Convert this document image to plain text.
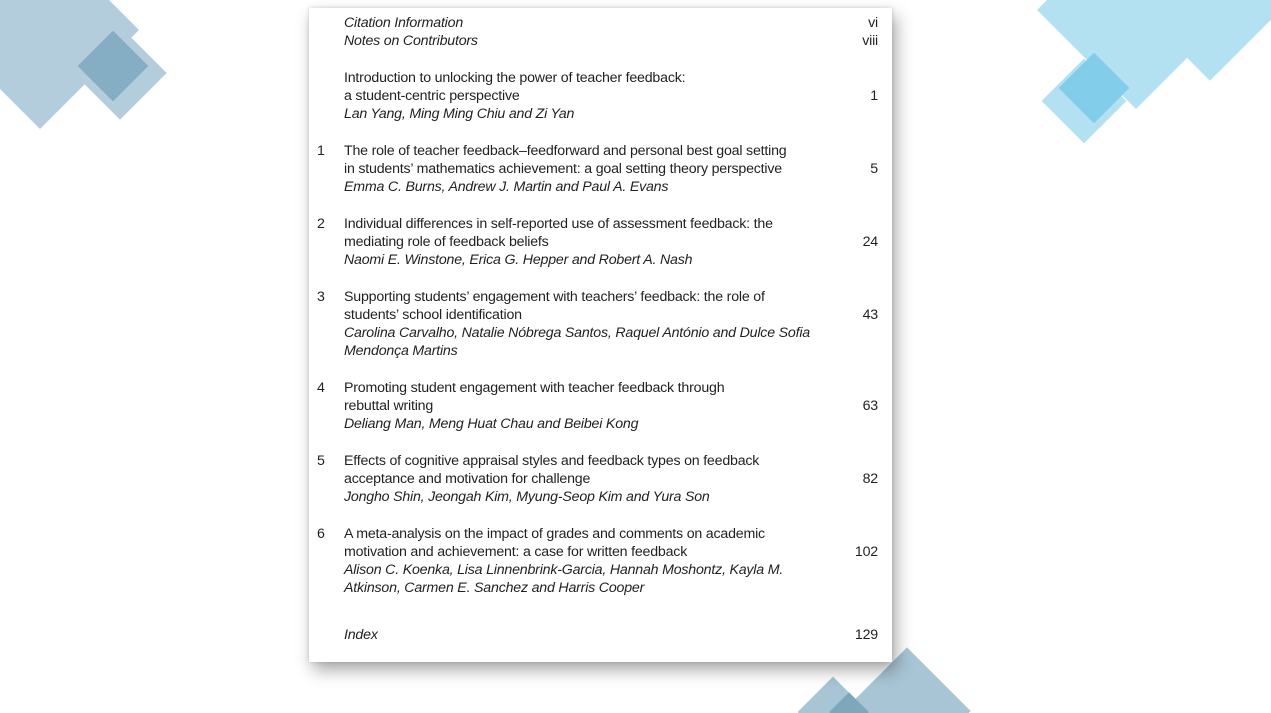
Citation Information	vi
Notes on Contributors	viii
Introduction to unlocking the power of teacher feedback:
a student-centric perspective	1
Lan Yang, Ming Ming Chiu and Zi Yan
1 The role of teacher feedback–feedforward and personal best goal setting
in students’ mathematics achievement: a goal setting theory perspective	5
Emma C. Burns, Andrew J. Martin and Paul A. Evans
2 Individual differences in self-reported use of assessment feedback: the
mediating role of feedback beliefs	24
Naomi E. Winstone, Erica G. Hepper and Robert A. Nash
3 Supporting students’ engagement with teachers’ feedback: the role of
students’ school identification	43
Carolina Carvalho, Natalie Nóbrega Santos, Raquel António and Dulce Sofia
Mendonça Martins
4 Promoting student engagement with teacher feedback through
rebuttal writing	63
Deliang Man, Meng Huat Chau and Beibei Kong
5 Effects of cognitive appraisal styles and feedback types on feedback
acceptance and motivation for challenge	82
Jongho Shin, Jeongah Kim, Myung-Seop Kim and Yura Son
6 A meta-analysis on the impact of grades and comments on academic
motivation and achievement: a case for written feedback	102
Alison C. Koenka, Lisa Linnenbrink-Garcia, Hannah Moshontz, Kayla M.
Atkinson, Carmen E. Sanchez and Harris Cooper
Index	129
